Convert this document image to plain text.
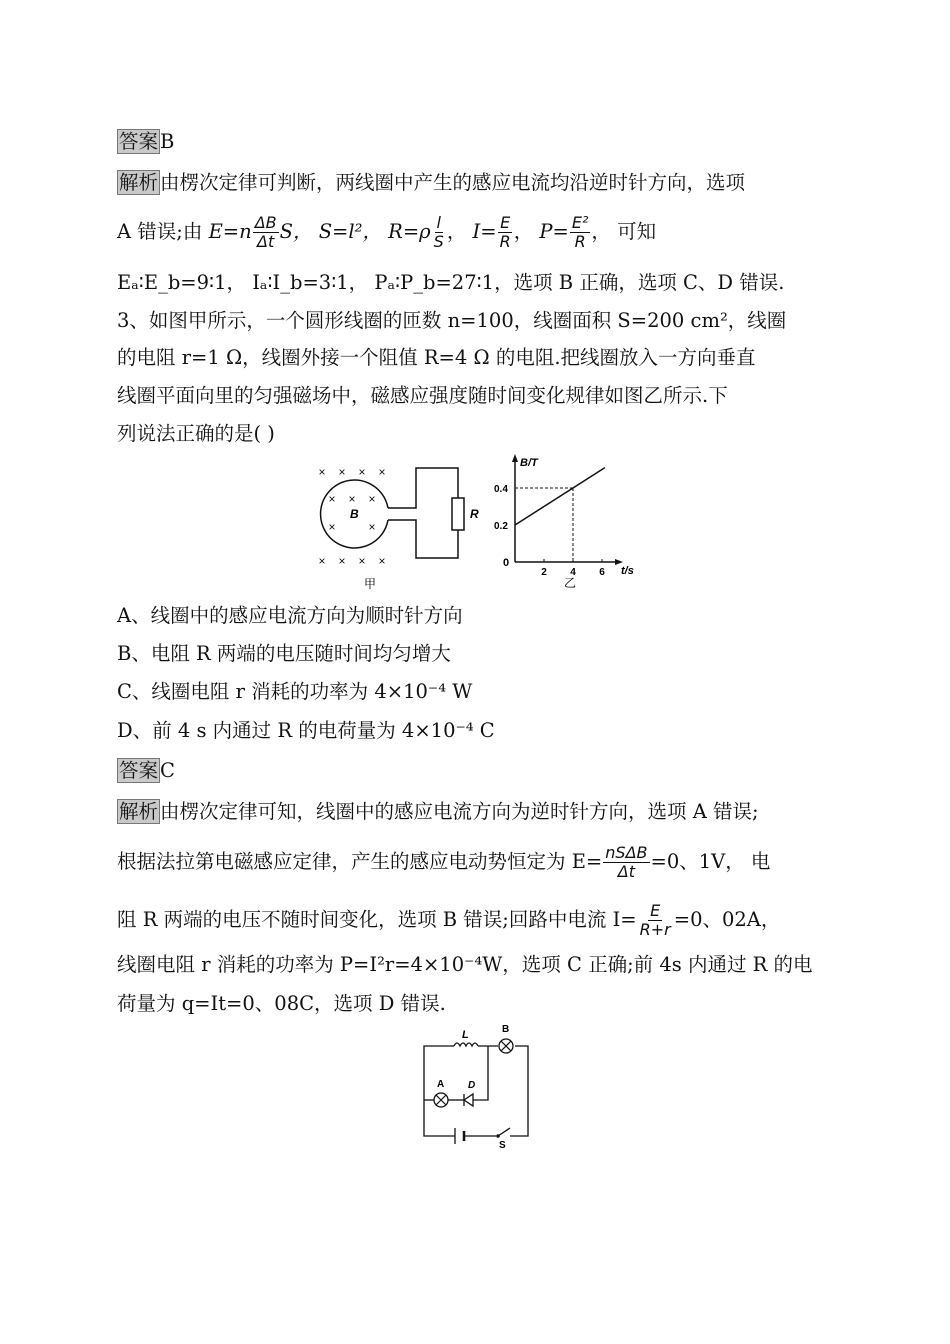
答案 B
解析 由楞次定律可判断，两线圈中产生的感应电流均沿逆时针方向，选项
A 错误;由 $E=n \frac{\Delta B}{\Delta t}$ S， S=l²， $R=\rho \frac{l}{S}$ ， $I= \frac{E}{R}$ ， $P= \frac{\text{E²}}{R}$ ， 可知
Eₐ∶E_b=9∶1， Iₐ∶I_b=3∶1， Pₐ∶P_b=27∶1，选项 B 正确，选项 C、D 错误.
3、如图甲所示，一个圆形线圈的匝数 n=100，线圈面积 S=200 cm²，线圈
的电阻 r=1 Ω，线圈外接一个阻值 R=4 Ω 的电阻.把线圈放入一方向垂直
线圈平面向里的匀强磁场中，磁感应强度随时间变化规律如图乙所示.下
列说法正确的是( )
× × × ×
× × ×
×	×
× × × ×
B	R
甲
B/T
t/s
0
乙
0.2
0.4
2 4 6
A、线圈中的感应电流方向为顺时针方向
B、电阻 R 两端的电压随时间均匀增大
C、线圈电阻 r 消耗的功率为 4×10⁻⁴ W
D、前 4 s 内通过 R 的电荷量为 4×10⁻⁴ C
答案 C
解析 由楞次定律可知，线圈中的感应电流方向为逆时针方向，选项 A 错误;
根据法拉第电磁感应定律，产生的感应电动势恒定为 $E= \frac{\text{nSΔB}}{\Delta t} =0$、1V， 电
阻 R 两端的电压不随时间变化，选项 B 错误;回路中电流 $I= \frac{E}{R+r} =0$、02A，
线圈电阻 r 消耗的功率为 P=I²r=4×10⁻⁴W，选项 C 正确;前 4s 内通过 R 的电
荷量为 q=It=0、08C，选项 D 错误.
L	B
A D
S
